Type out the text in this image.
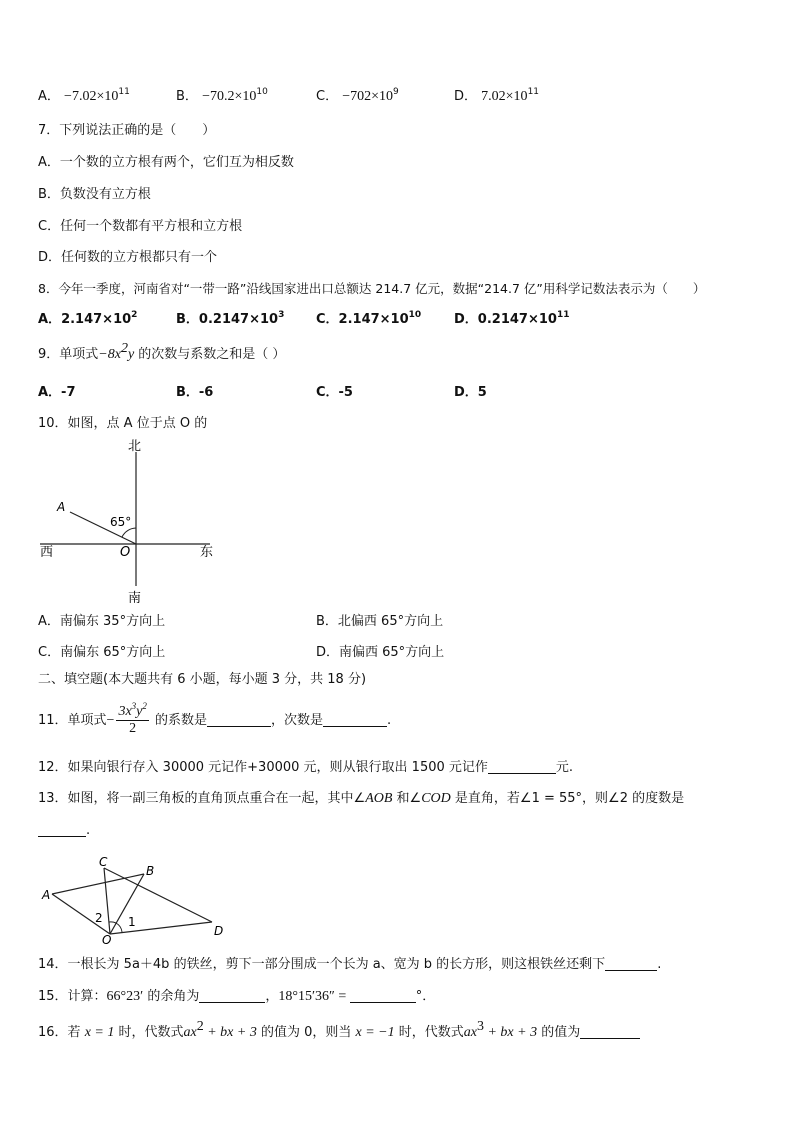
A． $-7.02\times 10^{11}$	B． $-70.2\times 10^{10}$	C． $-702\times 10^9$	D． $7.02\times 10^{11}$
7．下列说法正确的是（　　）
A．一个数的立方根有两个，它们互为相反数
B．负数没有立方根
C．任何一个数都有平方根和立方根
D．任何数的立方根都只有一个
8．今年一季度，河南省对“一带一路”沿线国家进出口总额达 214.7 亿元，数据“214.7 亿”用科学记数法表示为（　　）
A．$2.147\times 10^2$	B．$0.2147\times 10^3$ C．$2.147\times 10^{10}$	D．$0.2147\times 10^{11}$
9．单项式$-8x^2y$ 的次数与系数之和是（ ）
A．-7	B．-6	C．-5	D．5
10．如图，点 A 位于点 O 的
北
南
东
西
A
O
65°
A．南偏东 35°方向上	B．北偏西 65°方向上
C．南偏东 65°方向上	D．南偏西 65°方向上
二、填空题(本大题共有 6 小题，每小题 3 分，共 18 分)
11．单项式− $\frac{3x^3y^2}{2}$ 的系数是	，次数是	.
12．如果向银行存入 30000 元记作+30000 元，则从银行取出 1500 元记作	元.
13．如图，将一副三角板的直角顶点重合在一起，其中∠AOB 和∠COD 是直角，若∠1 = 55°，则∠2 的度数是
.
A
B
C
D
O
1
2
14．一根长为 5a＋4b 的铁丝，剪下一部分围成一个长为 a、宽为 b 的长方形，则这根铁丝还剩下	.
15．计算：66°23′ 的余角为	，18°15′36″ =	°．
16．若 x = 1 时，代数式$ax^2$ + bx + 3 的值为 0，则当 x = −1 时，代数式$ax^3$ + bx + 3 的值为
